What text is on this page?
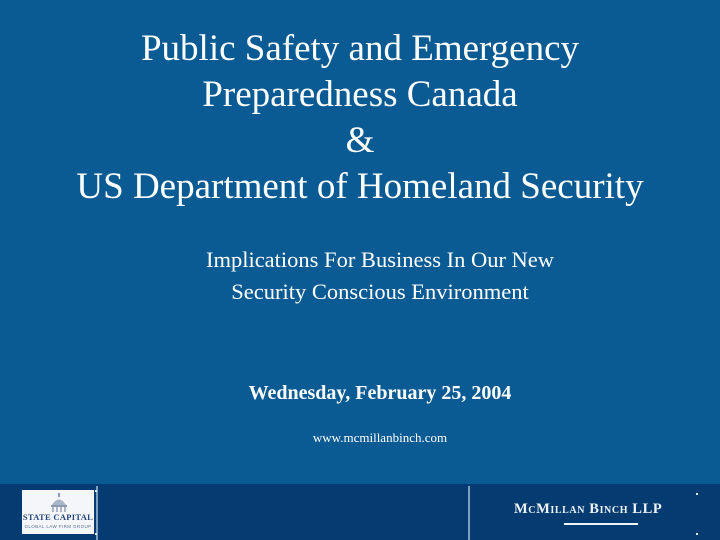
Public Safety and Emergency
Preparedness Canada
&
US Department of Homeland Security
Implications For Business In Our New
Security Conscious Environment
Wednesday, February 25, 2004
www.mcmillanbinch.com
STATE CAPITAL
GLOBAL LAW FIRM GROUP
McMillan Binch LLP
